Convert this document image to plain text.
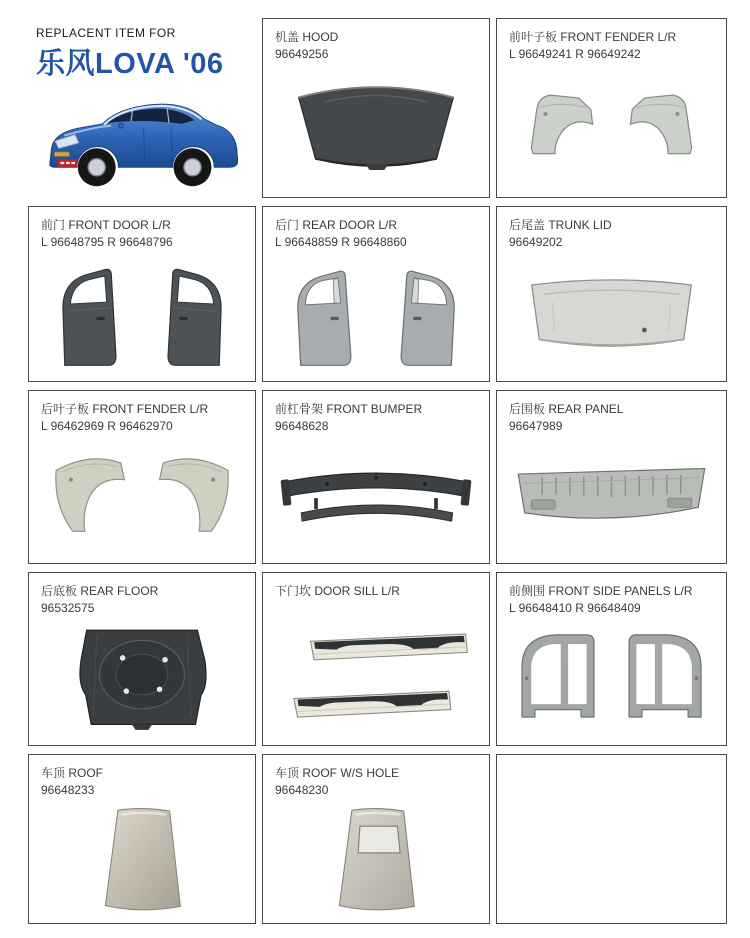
REPLACENT ITEM FOR
乐风LOVA '06
机盖 HOOD
96649256
前叶子板 FRONT FENDER L/R
L 96649241 R 96649242
前门 FRONT DOOR L/R
L 96648795 R 96648796
后门 REAR DOOR L/R
L 96648859 R 96648860
后尾盖 TRUNK LID
96649202
后叶子板 FRONT FENDER L/R
L 96462969 R 96462970
前杠骨架 FRONT BUMPER
96648628
后围板 REAR PANEL
96647989
后底板 REAR FLOOR
96532575
下门坎 DOOR SILL L/R	前侧围 FRONT SIDE PANELS L/R
L 96648410 R 96648409
车顶 ROOF
96648233
车顶 ROOF W/S HOLE
96648230
